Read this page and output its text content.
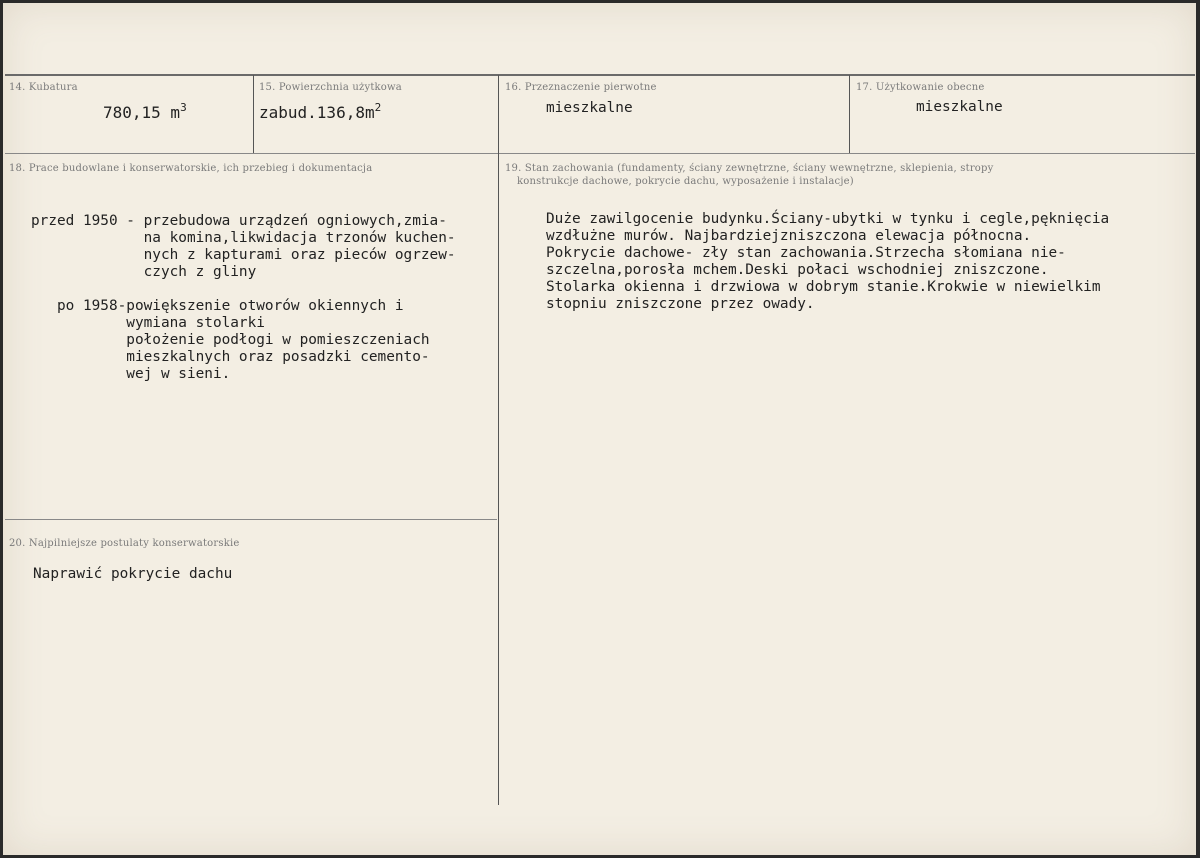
14. Kubatura
780,15 $m^3$
15. Powierzchnia użytkowa
$zabud.136,8m^2$
16. Przeznaczenie pierwotne
mieszkalne
17. Użytkowanie obecne
mieszkalne
18. Prace budowlane i konserwatorskie, ich przebieg i dokumentacja
przed 1950 - przebudowa urządzeń ogniowych,zmia-
na komina,likwidacja trzonów kuchen-
nych z kapturami oraz pieców ogrzew-
czych z gliny
po 1958-powiększenie otworów okiennych i
wymiana stolarki
położenie podłogi w pomieszczeniach
mieszkalnych oraz posadzki cemento-
wej w sieni.
19. Stan zachowania (fundamenty, ściany zewnętrzne, ściany wewnętrzne, sklepienia, stropy
konstrukcje dachowe, pokrycie dachu, wyposażenie i instalacje)
Duże zawilgocenie budynku.Ściany-ubytki w tynku i cegle,pęknięcia
wzdłużne murów. Najbardziejzniszczona elewacja północna.
Pokrycie dachowe- zły stan zachowania.Strzecha słomiana nie-
szczelna,porosła mchem.Deski połaci wschodniej zniszczone.
Stolarka okienna i drzwiowa w dobrym stanie.Krokwie w niewielkim
stopniu zniszczone przez owady.
20. Najpilniejsze postulaty konserwatorskie
Naprawić pokrycie dachu
